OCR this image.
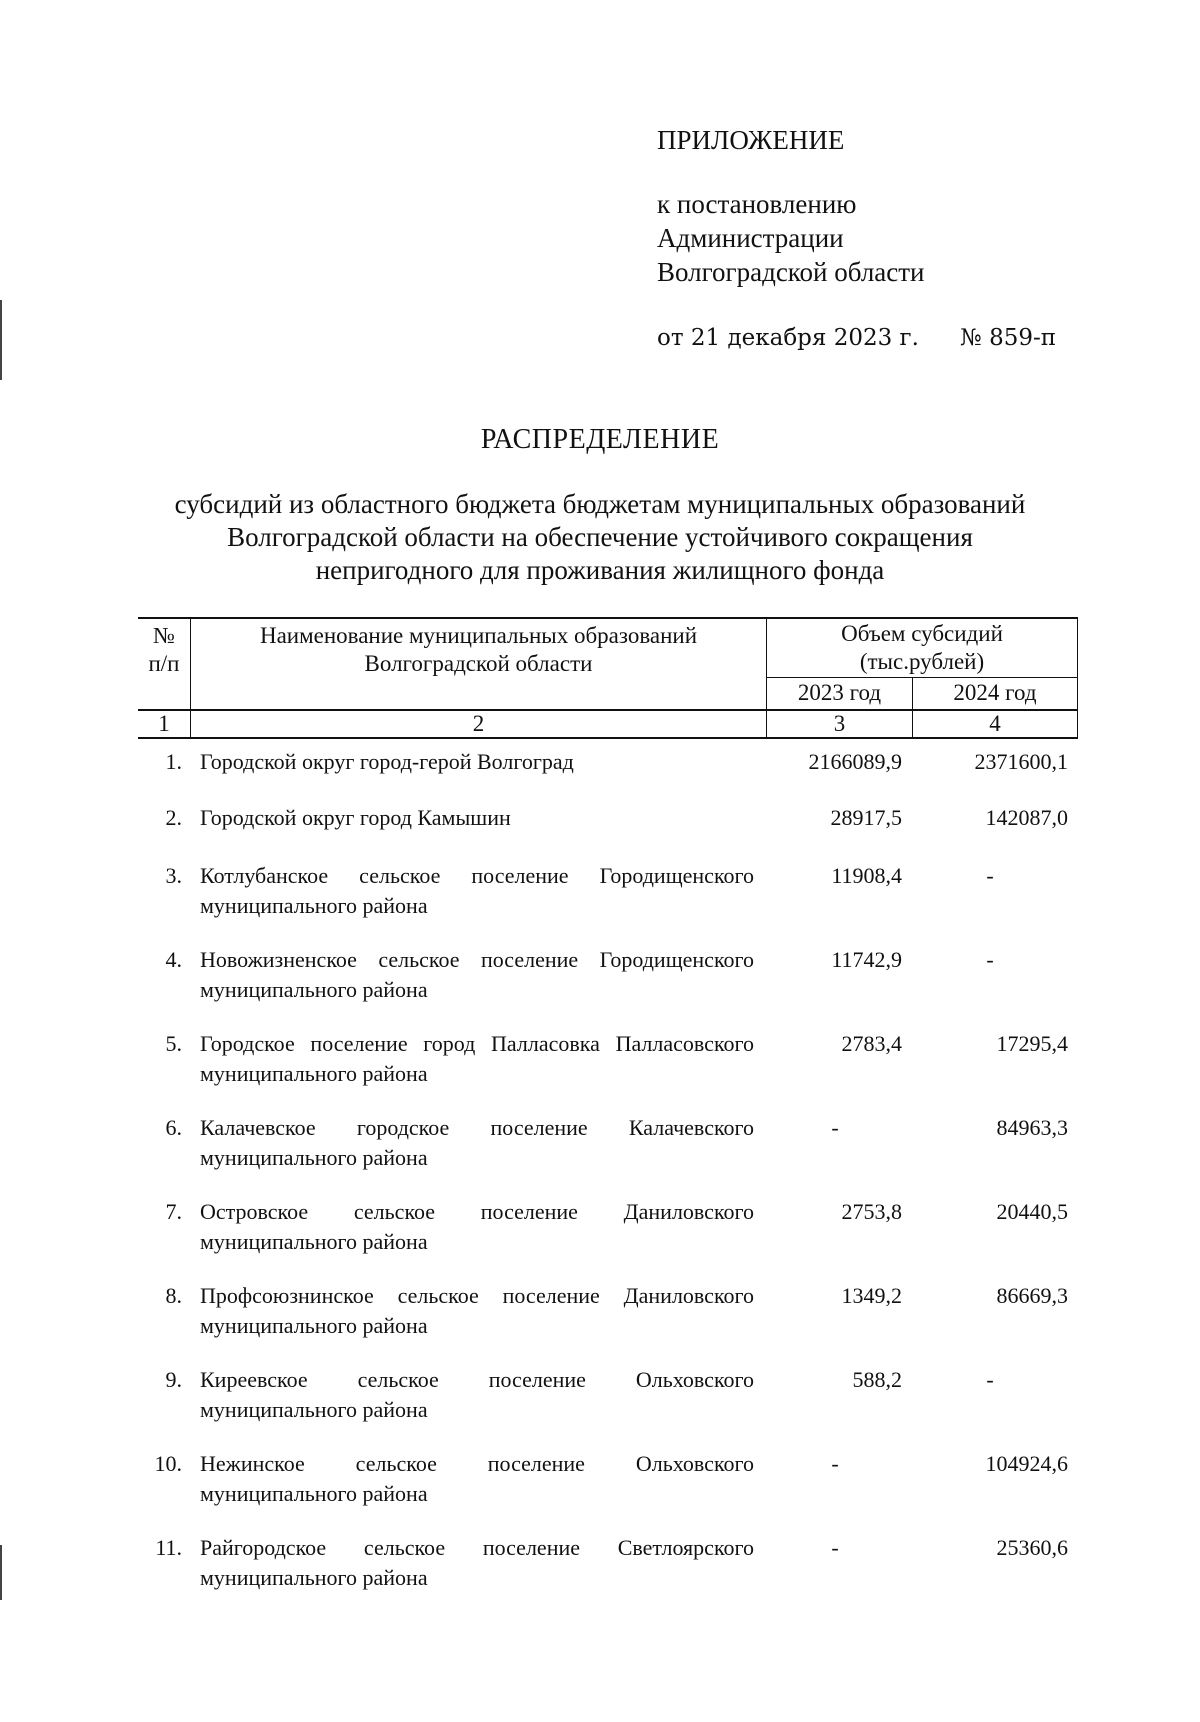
ПРИЛОЖЕНИЕ
к постановлению
Администрации
Волгоградской области
от 21 декабря 2023 г. № 859-п
РАСПРЕДЕЛЕНИЕ
субсидий из областного бюджета бюджетам муниципальных образований
Волгоградской области на обеспечение устойчивого сокращения
непригодного для проживания жилищного фонда
№
п/п
Наименование муниципальных образований
Волгоградской области
Объем субсидий
(тыс.рублей)
2023 год	2024 год
1	2	3	4
1. Городской округ город-герой Волгоград	2166089,9	2371600,1
2. Городской округ город Камышин	28917,5	142087,0
3. Котлубанское сельское поселение Городищенского
муниципального района
11908,4	-
4. Новожизненское сельское поселение Городищенского
муниципального района
11742,9	-
5. Городское поселение город Палласовка Палласовского
муниципального района
2783,4	17295,4
6. Калачевское городское поселение Калачевского
муниципального района
-	84963,3
7. Островское сельское поселение Даниловского
муниципального района
2753,8	20440,5
8. Профсоюзнинское сельское поселение Даниловского
муниципального района
1349,2	86669,3
9. Киреевское сельское поселение Ольховского
муниципального района
588,2	-
10. Нежинское сельское поселение Ольховского
муниципального района
-	104924,6
11. Райгородское сельское поселение Светлоярского
муниципального района
-	25360,6
